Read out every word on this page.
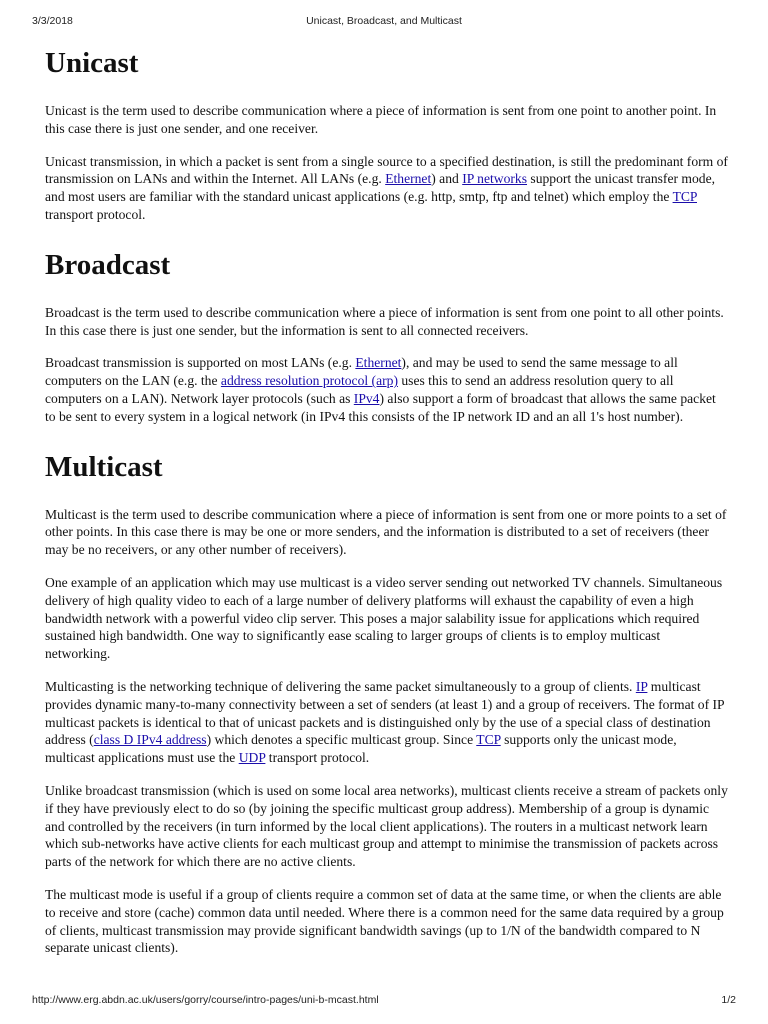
3/3/2018	Unicast, Broadcast, and Multicast
Unicast

Unicast is the term used to describe communication where a piece of information is sent from one point to another point. In this case there is just one sender, and one receiver.

Unicast transmission, in which a packet is sent from a single source to a specified destination, is still the predominant form of transmission on LANs and within the Internet. All LANs (e.g. Ethernet) and IP networks support the unicast transfer mode, and most users are familiar with the standard unicast applications (e.g. http, smtp, ftp and telnet) which employ the TCP transport protocol.

Broadcast

Broadcast is the term used to describe communication where a piece of information is sent from one point to all other points. In this case there is just one sender, but the information is sent to all connected receivers.

Broadcast transmission is supported on most LANs (e.g. Ethernet), and may be used to send the same message to all computers on the LAN (e.g. the address resolution protocol (arp) uses this to send an address resolution query to all computers on a LAN). Network layer protocols (such as IPv4) also support a form of broadcast that allows the same packet to be sent to every system in a logical network (in IPv4 this consists of the IP network ID and an all 1's host number).

Multicast

Multicast is the term used to describe communication where a piece of information is sent from one or more points to a set of other points. In this case there is may be one or more senders, and the information is distributed to a set of receivers (theer may be no receivers, or any other number of receivers).

One example of an application which may use multicast is a video server sending out networked TV channels. Simultaneous delivery of high quality video to each of a large number of delivery platforms will exhaust the capability of even a high bandwidth network with a powerful video clip server. This poses a major salability issue for applications which required sustained high bandwidth. One way to significantly ease scaling to larger groups of clients is to employ multicast networking.

Multicasting is the networking technique of delivering the same packet simultaneously to a group of clients. IP multicast provides dynamic many-to-many connectivity between a set of senders (at least 1) and a group of receivers. The format of IP multicast packets is identical to that of unicast packets and is distinguished only by the use of a special class of destination address (class D IPv4 address) which denotes a specific multicast group. Since TCP supports only the unicast mode, multicast applications must use the UDP transport protocol.

Unlike broadcast transmission (which is used on some local area networks), multicast clients receive a stream of packets only if they have previously elect to do so (by joining the specific multicast group address). Membership of a group is dynamic and controlled by the receivers (in turn informed by the local client applications). The routers in a multicast network learn which sub-networks have active clients for each multicast group and attempt to minimise the transmission of packets across parts of the network for which there are no active clients.

The multicast mode is useful if a group of clients require a common set of data at the same time, or when the clients are able to receive and store (cache) common data until needed. Where there is a common need for the same data required by a group of clients, multicast transmission may provide significant bandwidth savings (up to 1/N of the bandwidth compared to N separate unicast clients).

http://www.erg.abdn.ac.uk/users/gorry/course/intro-pages/uni-b-mcast.html	1/2
